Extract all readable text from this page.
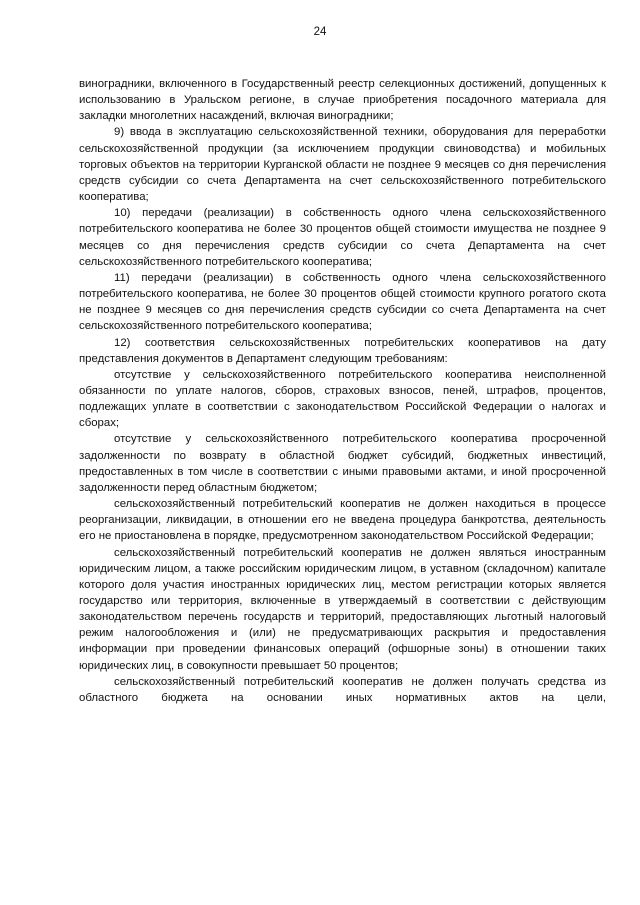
24

виноградники, включенного в Государственный реестр селекционных достижений, допущенных к использованию в Уральском регионе, в случае приобретения посадочного материала для закладки многолетних насаждений, включая виноградники;

9) ввода в эксплуатацию сельскохозяйственной техники, оборудования для переработки сельскохозяйственной продукции (за исключением продукции свиноводства) и мобильных торговых объектов на территории Курганской области не позднее 9 месяцев со дня перечисления средств субсидии со счета Департамента на счет сельскохозяйственного потребительского кооператива;

10) передачи (реализации) в собственность одного члена сельскохозяйственного потребительского кооператива не более 30 процентов общей стоимости имущества не позднее 9 месяцев со дня перечисления средств субсидии со счета Департамента на счет сельскохозяйственного потребительского кооператива;

11) передачи (реализации) в собственность одного члена сельскохозяйственного потребительского кооператива, не более 30 процентов общей стоимости крупного рогатого скота не позднее 9 месяцев со дня перечисления средств субсидии со счета Департамента на счет сельскохозяйственного потребительского кооператива;

12) соответствия сельскохозяйственных потребительских кооперативов на дату представления документов в Департамент следующим требованиям:

отсутствие у сельскохозяйственного потребительского кооператива неисполненной обязанности по уплате налогов, сборов, страховых взносов, пеней, штрафов, процентов, подлежащих уплате в соответствии с законодательством Российской Федерации о налогах и сборах;

отсутствие у сельскохозяйственного потребительского кооператива просроченной задолженности по возврату в областной бюджет субсидий, бюджетных инвестиций, предоставленных в том числе в соответствии с иными правовыми актами, и иной просроченной задолженности перед областным бюджетом;

сельскохозяйственный потребительский кооператив не должен находиться в процессе реорганизации, ликвидации, в отношении его не введена процедура банкротства, деятельность его не приостановлена в порядке, предусмотренном законодательством Российской Федерации;

сельскохозяйственный потребительский кооператив не должен являться иностранным юридическим лицом, а также российским юридическим лицом, в уставном (складочном) капитале которого доля участия иностранных юридических лиц, местом регистрации которых является государство или территория, включенные в утверждаемый в соответствии с действующим законодательством перечень государств и территорий, предоставляющих льготный налоговый режим налогообложения и (или) не предусматривающих раскрытия и предоставления информации при проведении финансовых операций (офшорные зоны) в отношении таких юридических лиц, в совокупности превышает 50 процентов;

сельскохозяйственный потребительский кооператив не должен получать средства из областного бюджета на основании иных нормативных актов на цели,
